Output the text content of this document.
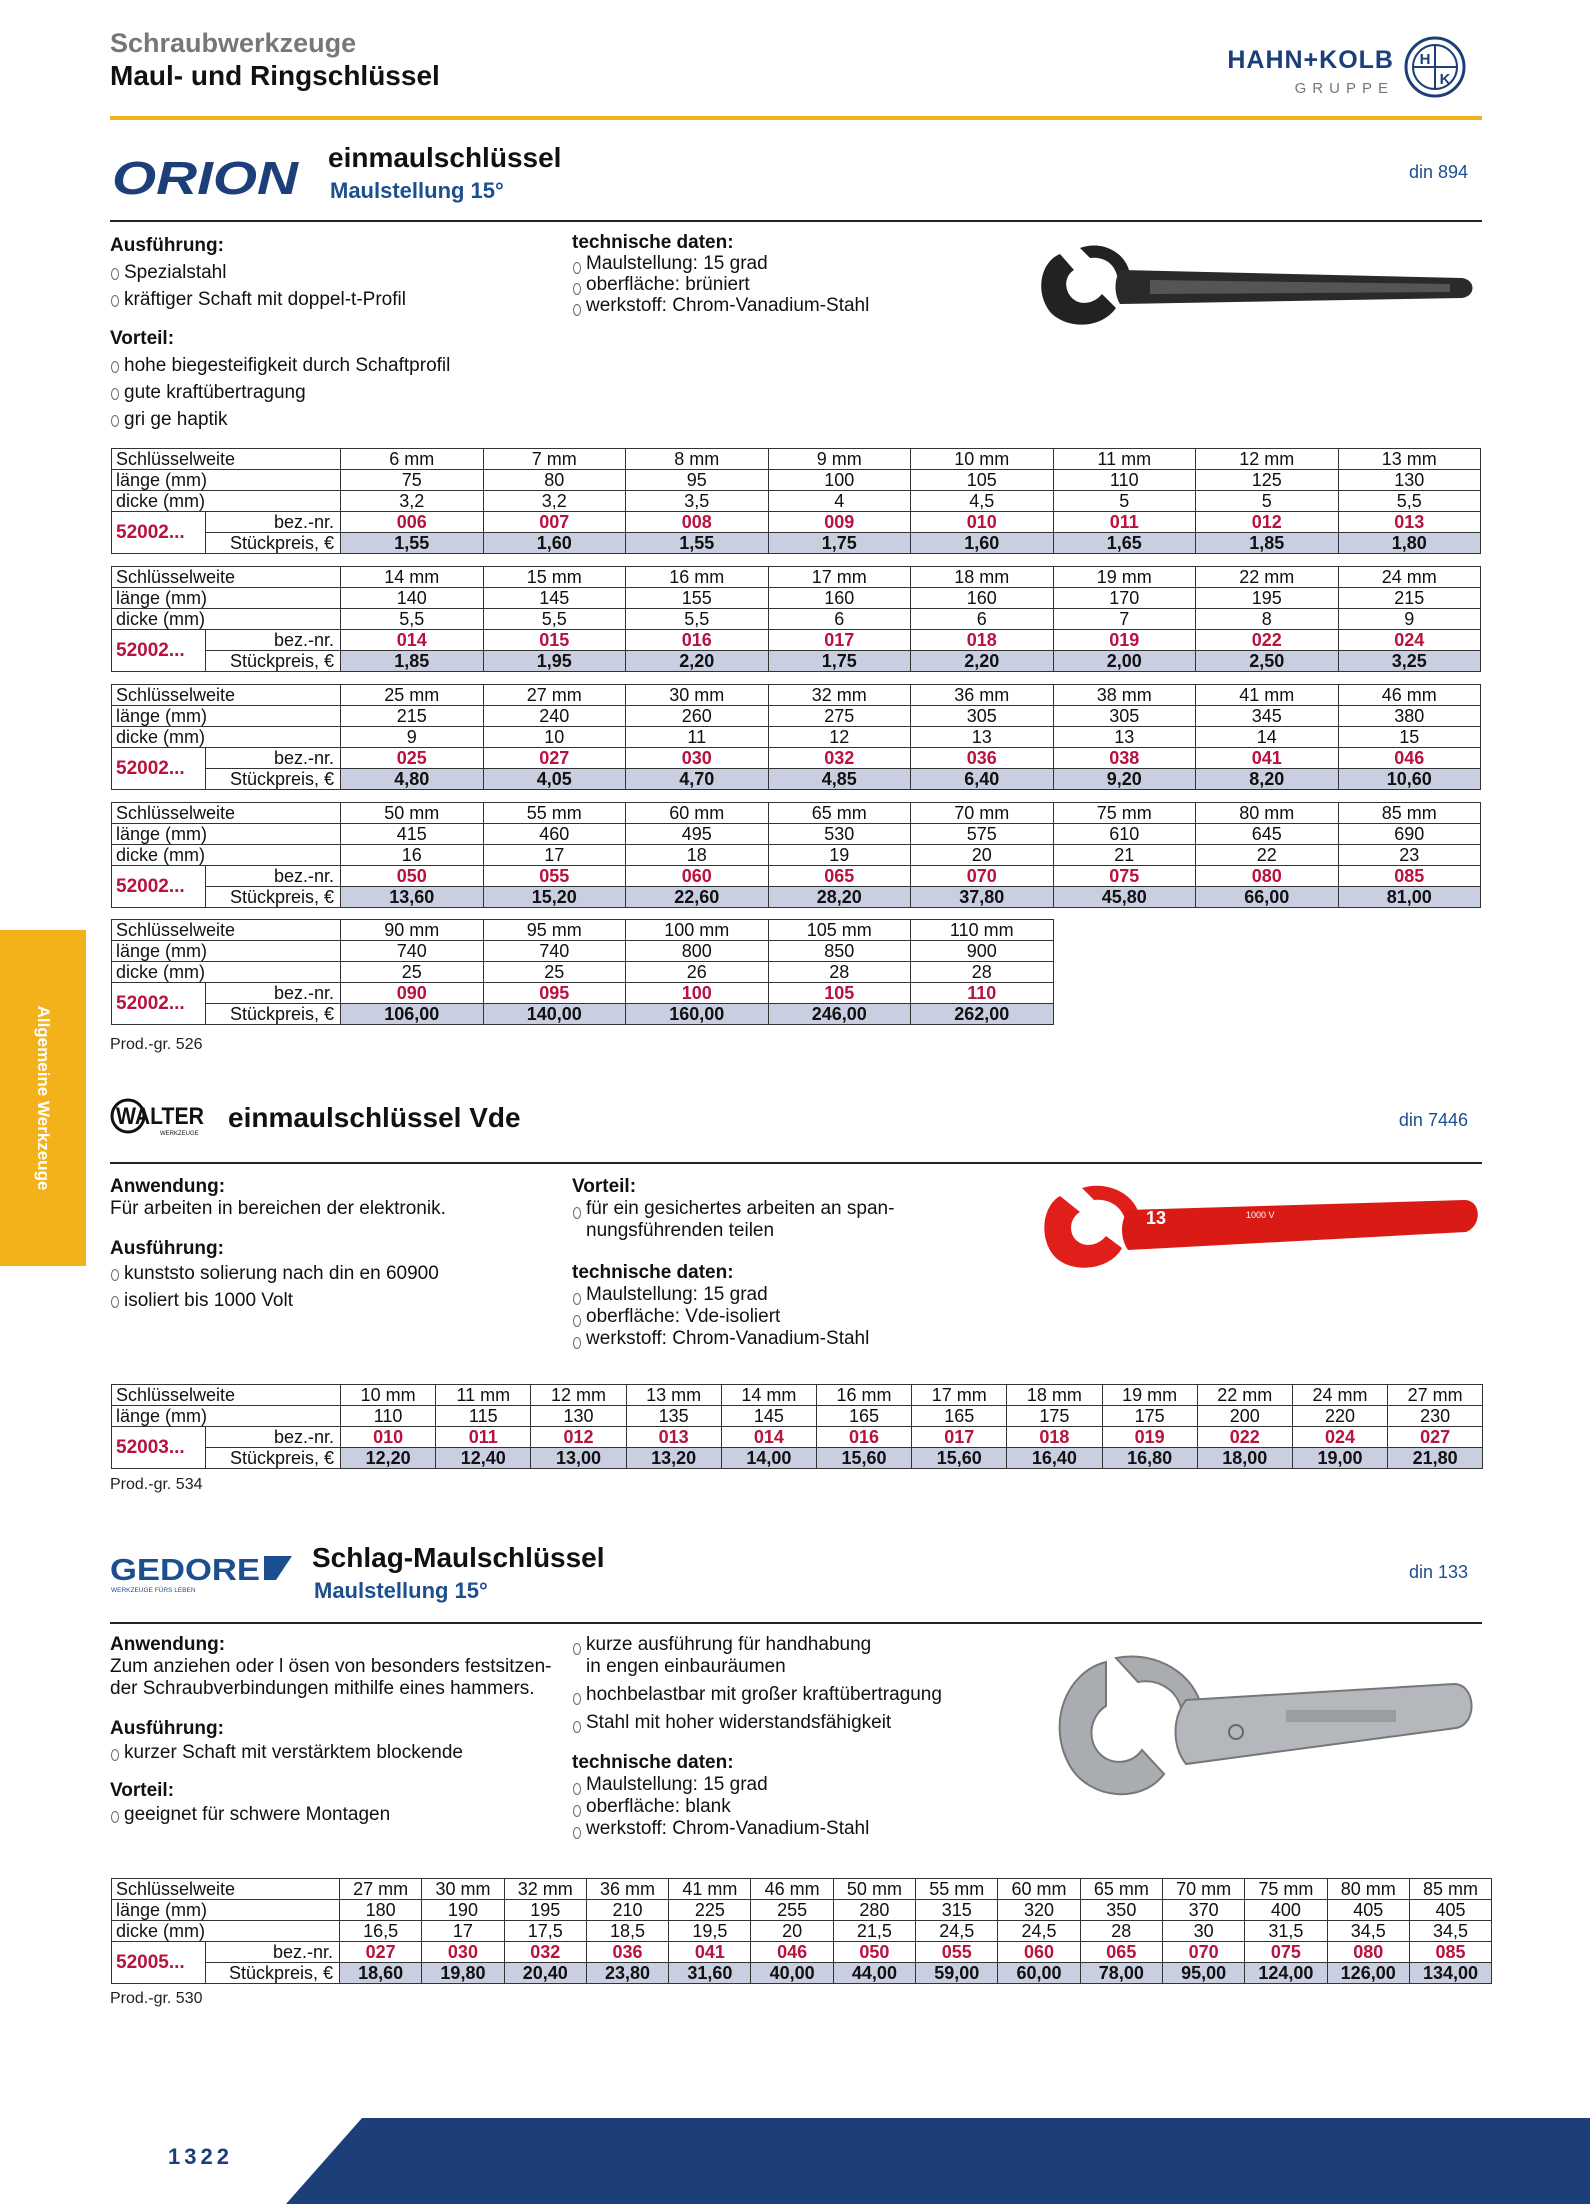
Schraubwerkzeuge
Maul- und Ringschlüssel	HAHN+KOLB
GRUPPE
H
K
Allgemeine Werkzeuge
ORION einmaulschlüssel
Maulstellung 15°
din 894
Ausführung:
Spezialstahl
kräftiger Schaft mit doppel-t-Profil
Vorteil:
hohe biegesteifigkeit durch Schaftprofil
gute kraftübertragung
gri ge haptik
technische daten:
Maulstellung: 15 grad
oberfläche: brüniert
werkstoff: Chrom-Vanadium-Stahl
Schlüsselweite		6 mm	7 mm	8 mm	9 mm	10 mm	11 mm	12 mm	13 mm
länge (mm)		75	80	95	100	105	110	125	130
dicke (mm)		3,2	3,2	3,5	4	4,5	5	5	5,5
52002...	bez.-nr.	006	007	008	009	010	011	012	013
	Stückpreis, €	1,55	1,60	1,55	1,75	1,60	1,65	1,85	1,80
Schlüsselweite		14 mm	15 mm	16 mm	17 mm	18 mm	19 mm	22 mm	24 mm
länge (mm)		140	145	155	160	160	170	195	215
dicke (mm)		5,5	5,5	5,5	6	6	7	8	9
52002...	bez.-nr.	014	015	016	017	018	019	022	024
	Stückpreis, €	1,85	1,95	2,20	1,75	2,20	2,00	2,50	3,25
Schlüsselweite		25 mm	27 mm	30 mm	32 mm	36 mm	38 mm	41 mm	46 mm
länge (mm)		215	240	260	275	305	305	345	380
dicke (mm)		9	10	11	12	13	13	14	15
52002...	bez.-nr.	025	027	030	032	036	038	041	046
	Stückpreis, €	4,80	4,05	4,70	4,85	6,40	9,20	8,20	10,60
Schlüsselweite		50 mm	55 mm	60 mm	65 mm	70 mm	75 mm	80 mm	85 mm
länge (mm)		415	460	495	530	575	610	645	690
dicke (mm)		16	17	18	19	20	21	22	23
52002...	bez.-nr.	050	055	060	065	070	075	080	085
	Stückpreis, €	13,60	15,20	22,60	28,20	37,80	45,80	66,00	81,00
Schlüsselweite		90 mm	95 mm	100 mm	105 mm	110 mm
länge (mm)		740	740	800	850	900
dicke (mm)		25	25	26	28	28
52002...	bez.-nr.	090	095	100	105	110
	Stückpreis, €	106,00	140,00	160,00	246,00	262,00
Prod.-gr. 526
WALTER
WERKZEUGE
einmaulschlüssel Vde	din 7446
Anwendung:
Für arbeiten in bereichen der elektronik.
Ausführung:
kunststo solierung nach din en 60900
isoliert bis 1000 Volt
Vorteil:
für ein gesichertes arbeiten an span-
nungsführenden teilen
technische daten:
Maulstellung: 15 grad
oberfläche: Vde-isoliert
werkstoff: Chrom-Vanadium-Stahl
13	1000 V
Schlüsselweite		10 mm	11 mm	12 mm	13 mm	14 mm	16 mm	17 mm	18 mm	19 mm	22 mm	24 mm	27 mm
länge (mm)		110	115	130	135	145	165	165	175	175	200	220	230
52003...	bez.-nr.	010	011	012	013	014	016	017	018	019	022	024	027
	Stückpreis, €	12,20	12,40	13,00	13,20	14,00	15,60	15,60	16,40	16,80	18,00	19,00	21,80
Prod.-gr. 534
GEDORE
WERKZEUGE FÜRS LEBEN
Schlag-Maulschlüssel
Maulstellung 15°
din 133
Anwendung:
Zum anziehen oder l ösen von besonders festsitzen-
der Schraubverbindungen mithilfe eines hammers.
Ausführung:
kurzer Schaft mit verstärktem blockende
Vorteil:
geeignet für schwere Montagen
kurze ausführung für handhabung
in engen einbauräumen
hochbelastbar mit großer kraftübertragung
Stahl mit hoher widerstandsfähigkeit
technische daten:
Maulstellung: 15 grad
oberfläche: blank
werkstoff: Chrom-Vanadium-Stahl
Schlüsselweite		27 mm	30 mm	32 mm	36 mm	41 mm	46 mm	50 mm	55 mm	60 mm	65 mm	70 mm	75 mm	80 mm	85 mm
länge (mm)		180	190	195	210	225	255	280	315	320	350	370	400	405	405
dicke (mm)		16,5	17	17,5	18,5	19,5	20	21,5	24,5	24,5	28	30	31,5	34,5	34,5
52005...	bez.-nr.	027	030	032	036	041	046	050	055	060	065	070	075	080	085
	Stückpreis, €	18,60	19,80	20,40	23,80	31,60	40,00	44,00	59,00	60,00	78,00	95,00	124,00	126,00	134,00
Prod.-gr. 530
1322
